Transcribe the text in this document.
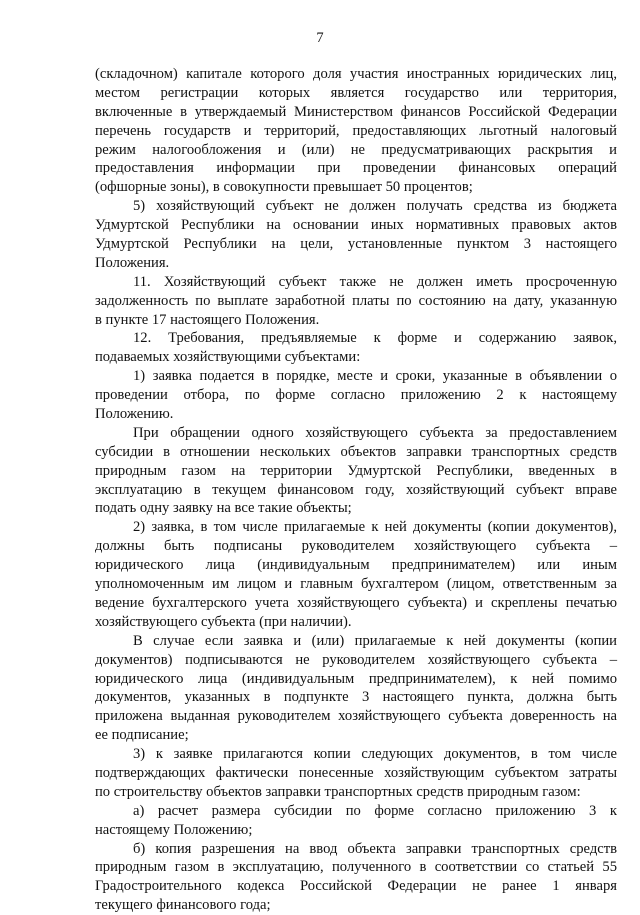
7
(складочном) капитале которого доля участия иностранных юридических лиц,
местом регистрации которых является государство или территория,
включенные в утверждаемый Министерством финансов Российской Федерации
перечень государств и территорий, предоставляющих льготный налоговый
режим налогообложения и (или) не предусматривающих раскрытия и
предоставления информации при проведении финансовых операций
(офшорные зоны), в совокупности превышает 50 процентов;
5) хозяйствующий субъект не должен получать средства из бюджета
Удмуртской Республики на основании иных нормативных правовых актов
Удмуртской Республики на цели, установленные пунктом 3 настоящего
Положения.
11. Хозяйствующий субъект также не должен иметь просроченную
задолженность по выплате заработной платы по состоянию на дату, указанную
в пункте 17 настоящего Положения.
12. Требования, предъявляемые к форме и содержанию заявок,
подаваемых хозяйствующими субъектами:
1) заявка подается в порядке, месте и сроки, указанные в объявлении о
проведении отбора, по форме согласно приложению 2 к настоящему
Положению.
При обращении одного хозяйствующего субъекта за предоставлением
субсидии в отношении нескольких объектов заправки транспортных средств
природным газом на территории Удмуртской Республики, введенных в
эксплуатацию в текущем финансовом году, хозяйствующий субъект вправе
подать одну заявку на все такие объекты;
2) заявка, в том числе прилагаемые к ней документы (копии документов),
должны быть подписаны руководителем хозяйствующего субъекта –
юридического лица (индивидуальным предпринимателем) или иным
уполномоченным им лицом и главным бухгалтером (лицом, ответственным за
ведение бухгалтерского учета хозяйствующего субъекта) и скреплены печатью
хозяйствующего субъекта (при наличии).
В случае если заявка и (или) прилагаемые к ней документы (копии
документов) подписываются не руководителем хозяйствующего субъекта –
юридического лица (индивидуальным предпринимателем), к ней помимо
документов, указанных в подпункте 3 настоящего пункта, должна быть
приложена выданная руководителем хозяйствующего субъекта доверенность на
ее подписание;
3) к заявке прилагаются копии следующих документов, в том числе
подтверждающих фактически понесенные хозяйствующим субъектом затраты
по строительству объектов заправки транспортных средств природным газом:
а) расчет размера субсидии по форме согласно приложению 3 к
настоящему Положению;
б) копия разрешения на ввод объекта заправки транспортных средств
природным газом в эксплуатацию, полученного в соответствии со статьей 55
Градостроительного кодекса Российской Федерации не ранее 1 января
текущего финансового года;
